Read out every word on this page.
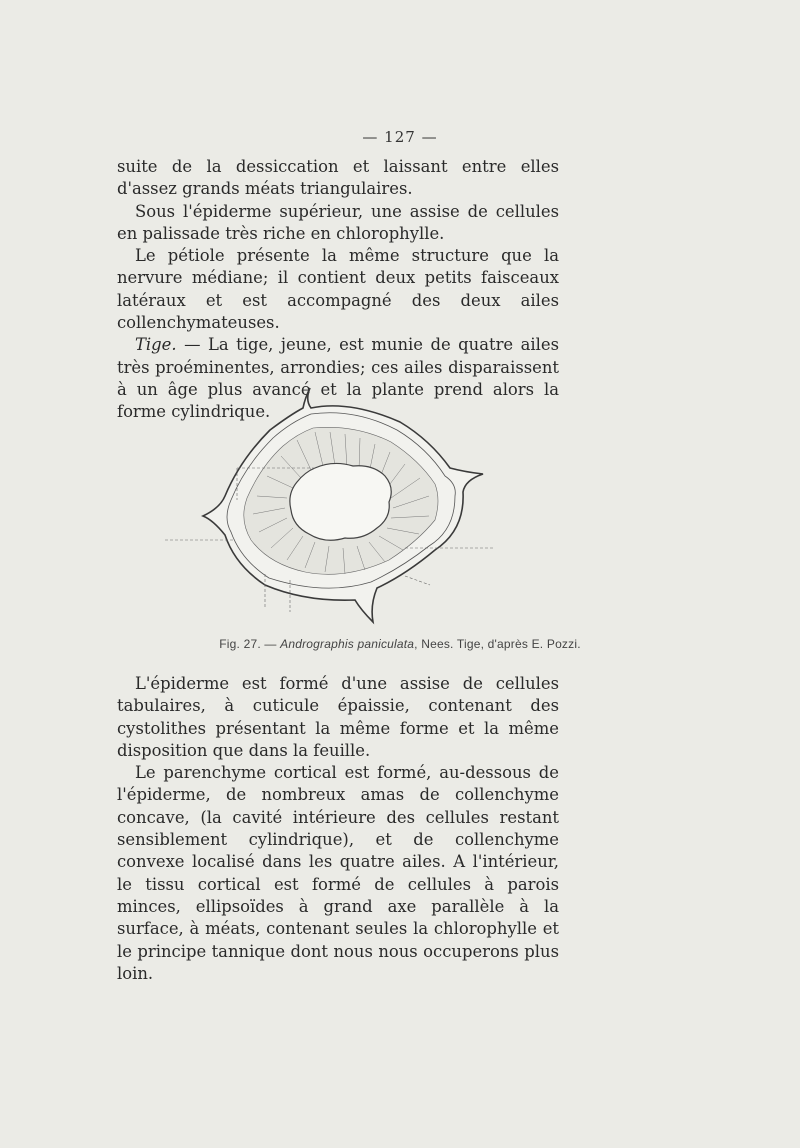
— 127 —

suite de la dessiccation et laissant entre elles d'assez grands méats triangulaires.

Sous l'épiderme supérieur, une assise de cellules en palissade très riche en chlorophylle.

Le pétiole présente la même structure que la nervure médiane; il contient deux petits faisceaux latéraux et est accompagné des deux ailes collenchymateuses.

Tige. — La tige, jeune, est munie de quatre ailes très proéminentes, arrondies; ces ailes disparaissent à un âge plus avancé et la plante prend alors la forme cylindrique.

Fig. 27. — Andrographis paniculata, Nees. Tige, d'après E. Pozzi.

L'épiderme est formé d'une assise de cellules tabulaires, à cuticule épaissie, contenant des cystolithes présentant la même forme et la même disposition que dans la feuille.

Le parenchyme cortical est formé, au-dessous de l'épiderme, de nombreux amas de collenchyme concave, (la cavité intérieure des cellules restant sensiblement cylindrique), et de collenchyme convexe localisé dans les quatre ailes. A l'intérieur, le tissu cortical est formé de cellules à parois minces, ellipsoïdes à grand axe parallèle à la surface, à méats, contenant seules la chlorophylle et le principe tannique dont nous nous occuperons plus loin.
